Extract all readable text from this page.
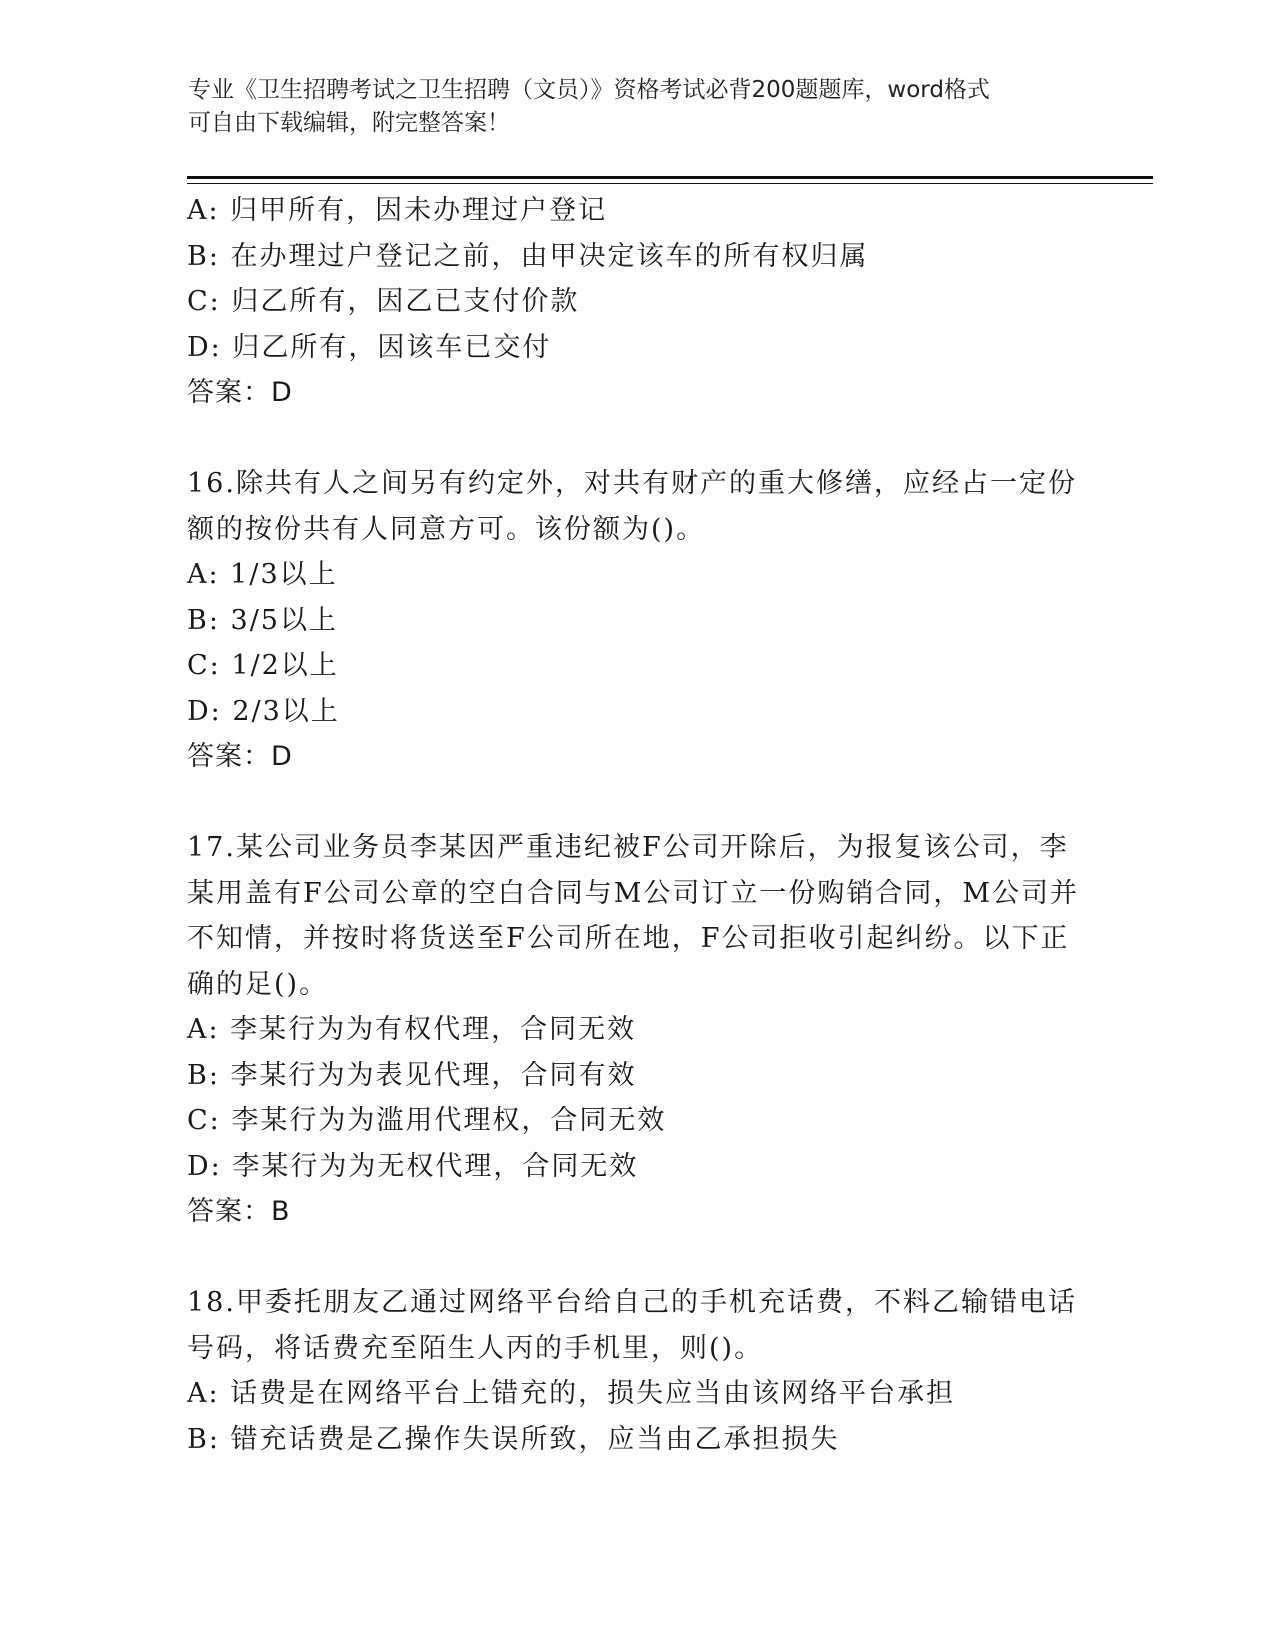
专业《卫生招聘考试之卫生招聘（文员）》资格考试必背200题题库，word格式
可自由下载编辑，附完整答案！
A: 归甲所有，因未办理过户登记
B: 在办理过户登记之前，由甲决定该车的所有权归属
C: 归乙所有，因乙已支付价款
D: 归乙所有，因该车已交付
答案：D
16.除共有人之间另有约定外，对共有财产的重大修缮，应经占一定份
额的按份共有人同意方可。该份额为()。
A: 1/3以上
B: 3/5以上
C: 1/2以上
D: 2/3以上
答案：D
17.某公司业务员李某因严重违纪被F公司开除后，为报复该公司，李
某用盖有F公司公章的空白合同与M公司订立一份购销合同，M公司并
不知情，并按时将货送至F公司所在地，F公司拒收引起纠纷。以下正
确的足()。
A: 李某行为为有权代理，合同无效
B: 李某行为为表见代理，合同有效
C: 李某行为为滥用代理权，合同无效
D: 李某行为为无权代理，合同无效
答案：B
18.甲委托朋友乙通过网络平台给自己的手机充话费，不料乙输错电话
号码，将话费充至陌生人丙的手机里，则()。
A: 话费是在网络平台上错充的，损失应当由该网络平台承担
B: 错充话费是乙操作失误所致，应当由乙承担损失
